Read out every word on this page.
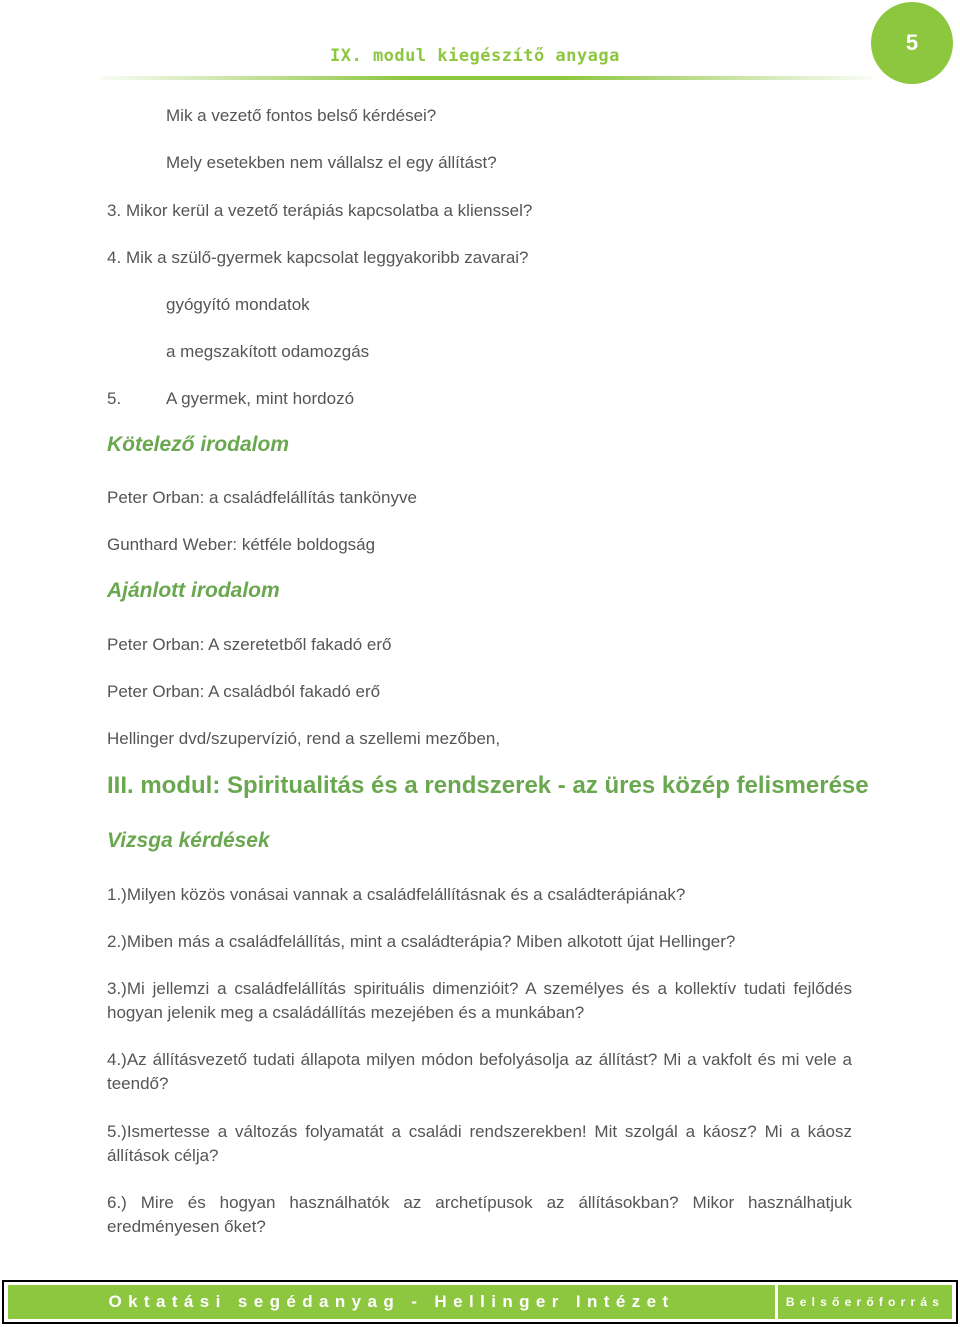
IX. modul kiegészítő anyaga
5
Mik a vezető fontos belső kérdései?
Mely esetekben nem vállalsz el egy állítást?
3. Mikor kerül a vezető terápiás kapcsolatba a klienssel?
4. Mik a szülő-gyermek kapcsolat leggyakoribb zavarai?
gyógyító mondatok
a megszakított odamozgás
5.	A gyermek, mint hordozó
Kötelező irodalom
Peter Orban: a családfelállítás tankönyve
Gunthard Weber: kétféle boldogság
Ajánlott irodalom
Peter Orban: A szeretetből fakadó erő
Peter Orban: A családból fakadó erő
Hellinger dvd/szupervízió, rend a szellemi mezőben,
III. modul: Spiritualitás és a rendszerek - az üres közép felismerése
Vizsga kérdések
1.)Milyen közös vonásai vannak a családfelállításnak és a családterápiának?
2.)Miben más a családfelállítás, mint a családterápia? Miben alkotott újat Hellinger?
3.)Mi jellemzi a családfelállítás spirituális dimenzióit? A személyes és a kollektív tudati fejlődés hogyan jelenik meg a családállítás mezejében és a munkában?
4.)Az állításvezető tudati állapota milyen módon befolyásolja az állítást? Mi a vakfolt és mi vele a teendő?
5.)Ismertesse a változás folyamatát a családi rendszerekben! Mit szolgál a káosz? Mi a káosz állítások célja?
6.) Mire és hogyan használhatók az archetípusok az állításokban? Mikor használhatjuk eredményesen őket?
Oktatási segédanyag - Hellinger Intézet	Belsőerőforrás
